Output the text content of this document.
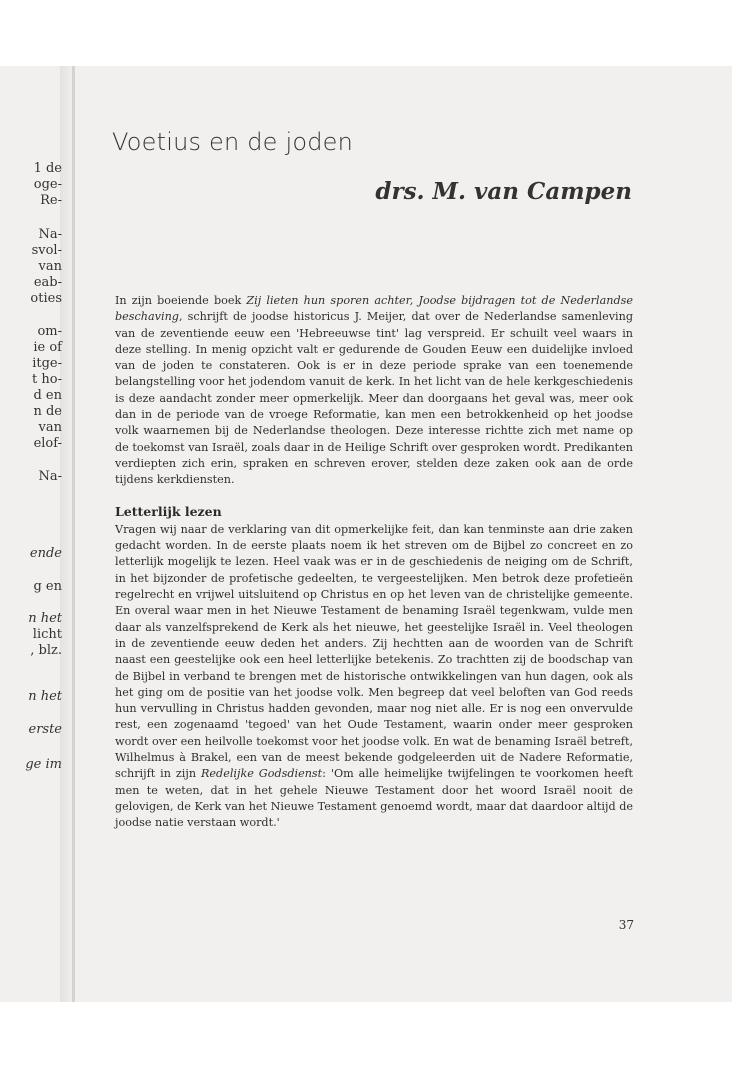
1 de
oge-
Re-
Na-
svol-
van
eab-
oties
om-
ie of
itge-
t ho-
d en
n de
van
elof-
Na-
ende
g en
n het
licht
, blz.
n het
erste
ge im
Voetius en de joden
drs. M. van Campen

In zijn boeiende boek Zij lieten hun sporen achter, Joodse bijdragen tot de Nederlandse beschaving, schrijft de joodse historicus J. Meijer, dat over de Nederlandse samenleving van de zeventiende eeuw een 'Hebreeuwse tint' lag verspreid. Er schuilt veel waars in deze stelling. In menig opzicht valt er gedurende de Gouden Eeuw een duidelijke invloed van de joden te constateren. Ook is er in deze periode sprake van een toenemende belangstelling voor het jodendom vanuit de kerk. In het licht van de hele kerkgeschiedenis is deze aandacht zonder meer opmerkelijk. Meer dan doorgaans het geval was, meer ook dan in de periode van de vroege Reformatie, kan men een betrokkenheid op het joodse volk waarnemen bij de Nederlandse theologen. Deze interesse richtte zich met name op de toekomst van Israël, zoals daar in de Heilige Schrift over gesproken wordt. Predikanten verdiepten zich erin, spraken en schreven erover, stelden deze zaken ook aan de orde tijdens kerkdiensten.

Letterlijk lezen

Vragen wij naar de verklaring van dit opmerkelijke feit, dan kan tenminste aan drie zaken gedacht worden. In de eerste plaats noem ik het streven om de Bijbel zo concreet en zo letterlijk mogelijk te lezen. Heel vaak was er in de geschiedenis de neiging om de Schrift, in het bijzonder de profetische gedeelten, te vergeestelijken. Men betrok deze profetieën regelrecht en vrijwel uitsluitend op Christus en op het leven van de christelijke gemeente. En overal waar men in het Nieuwe Testament de benaming Israël tegenkwam, vulde men daar als vanzelfsprekend de Kerk als het nieuwe, het geestelijke Israël in. Veel theologen in de zeventiende eeuw deden het anders. Zij hechtten aan de woorden van de Schrift naast een geestelijke ook een heel letterlijke betekenis. Zo trachtten zij de boodschap van de Bijbel in verband te brengen met de historische ontwikkelingen van hun dagen, ook als het ging om de positie van het joodse volk. Men begreep dat veel beloften van God reeds hun vervulling in Christus hadden gevonden, maar nog niet alle. Er is nog een onvervulde rest, een zogenaamd 'tegoed' van het Oude Testament, waarin onder meer gesproken wordt over een heilvolle toekomst voor het joodse volk. En wat de benaming Israël betreft, Wilhelmus à Brakel, een van de meest bekende godgeleerden uit de Nadere Reformatie, schrijft in zijn Redelijke Godsdienst: 'Om alle heimelijke twijfelingen te voorkomen heeft men te weten, dat in het gehele Nieuwe Testament door het woord Israël nooit de gelovigen, de Kerk van het Nieuwe Testament genoemd wordt, maar dat daardoor altijd de joodse natie verstaan wordt.'

37
